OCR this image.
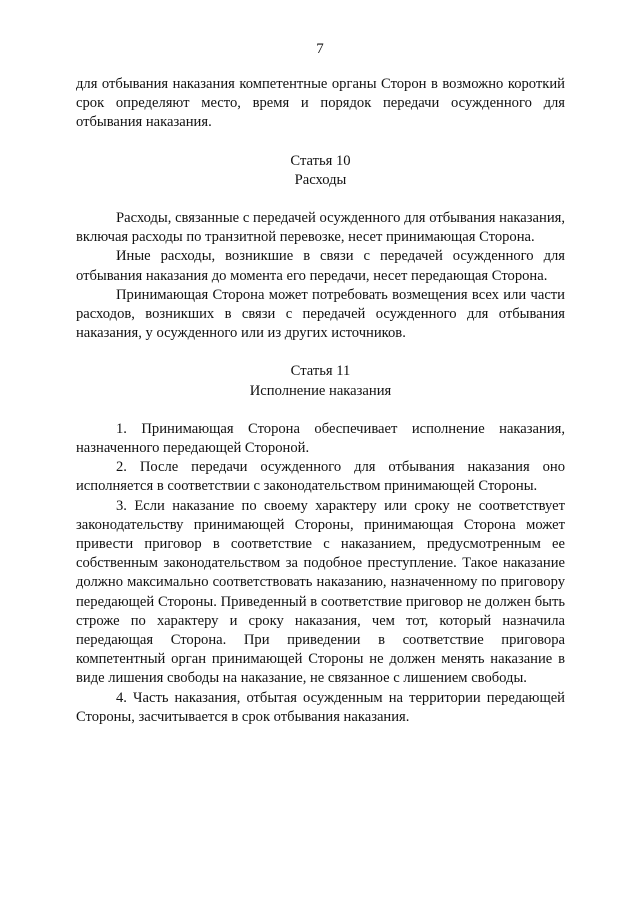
7

для отбывания наказания компетентные органы Сторон в возможно короткий срок определяют место, время и порядок передачи осужденного для отбывания наказания.

Статья 10
Расходы

Расходы, связанные с передачей осужденного для отбывания наказания, включая расходы по транзитной перевозке, несет принимающая Сторона.

Иные расходы, возникшие в связи с передачей осужденного для отбывания наказания до момента его передачи, несет передающая Сторона.

Принимающая Сторона может потребовать возмещения всех или части расходов, возникших в связи с передачей осужденного для отбывания наказания, у осужденного или из других источников.

Статья 11
Исполнение наказания

1. Принимающая Сторона обеспечивает исполнение наказания, назначенного передающей Стороной.

2. После передачи осужденного для отбывания наказания оно исполняется в соответствии с законодательством принимающей Стороны.

3. Если наказание по своему характеру или сроку не соответствует законодательству принимающей Стороны, принимающая Сторона может привести приговор в соответствие с наказанием, предусмотренным ее собственным законодательством за подобное преступление. Такое наказание должно максимально соответствовать наказанию, назначенному по приговору передающей Стороны. Приведенный в соответствие приговор не должен быть строже по характеру и сроку наказания, чем тот, который назначила передающая Сторона. При приведении в соответствие приговора компетентный орган принимающей Стороны не должен менять наказание в виде лишения свободы на наказание, не связанное с лишением свободы.

4. Часть наказания, отбытая осужденным на территории передающей Стороны, засчитывается в срок отбывания наказания.
